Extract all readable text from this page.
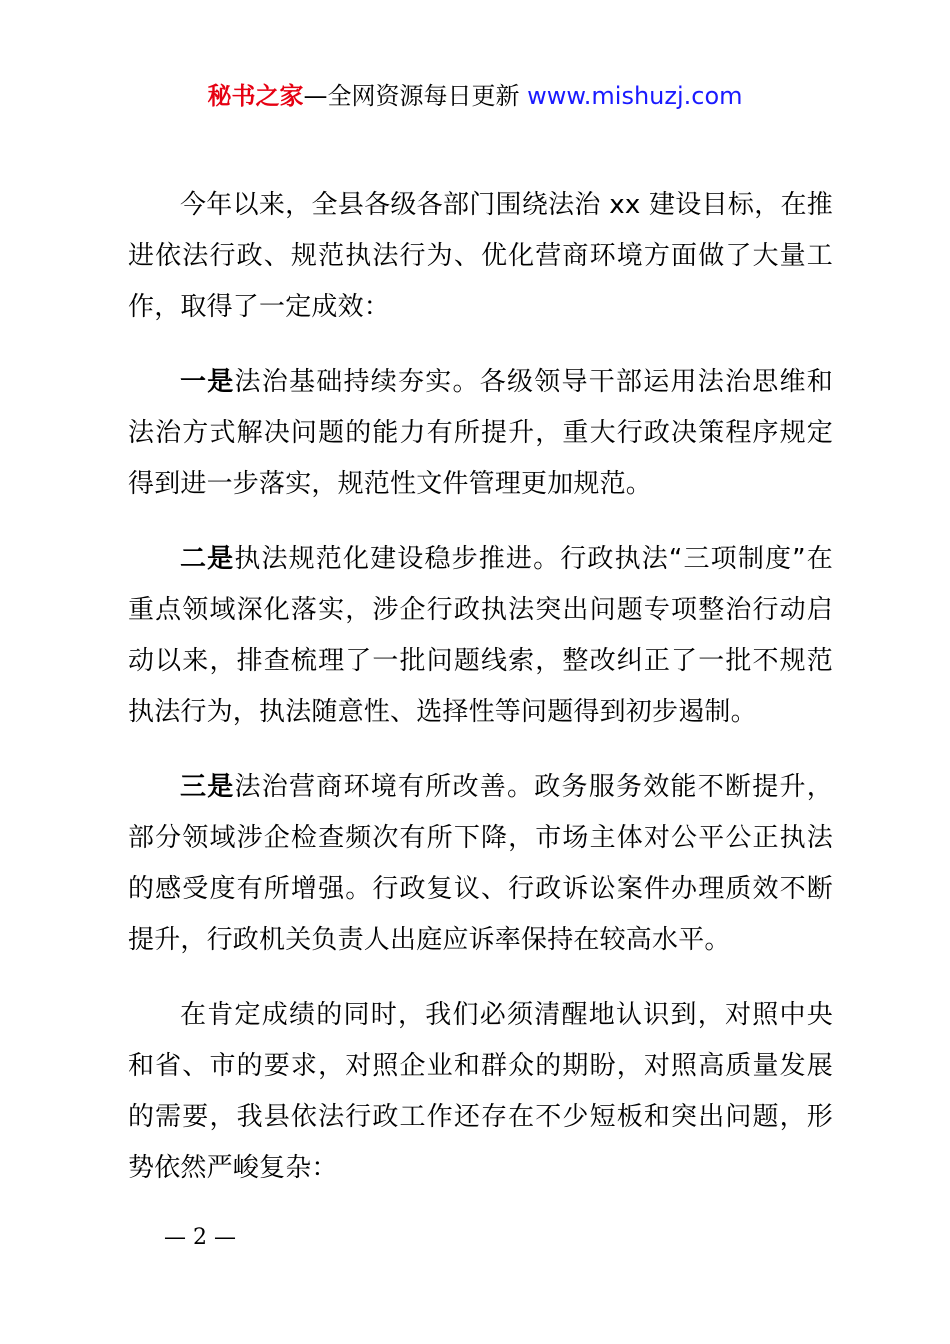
秘书之家—全网资源每日更新 www.mishuzj.com

今年以来，全县各级各部门围绕法治 xx 建设目标，在推进依法行政、规范执法行为、优化营商环境方面做了大量工作，取得了一定成效：

一是法治基础持续夯实。各级领导干部运用法治思维和法治方式解决问题的能力有所提升，重大行政决策程序规定得到进一步落实，规范性文件管理更加规范。

二是执法规范化建设稳步推进。行政执法“三项制度”在重点领域深化落实，涉企行政执法突出问题专项整治行动启动以来，排查梳理了一批问题线索，整改纠正了一批不规范执法行为，执法随意性、选择性等问题得到初步遏制。

三是法治营商环境有所改善。政务服务效能不断提升，部分领域涉企检查频次有所下降，市场主体对公平公正执法的感受度有所增强。行政复议、行政诉讼案件办理质效不断提升，行政机关负责人出庭应诉率保持在较高水平。

在肯定成绩的同时，我们必须清醒地认识到，对照中央和省、市的要求，对照企业和群众的期盼，对照高质量发展的需要，我县依法行政工作还存在不少短板和突出问题，形势依然严峻复杂：

— 2 —
